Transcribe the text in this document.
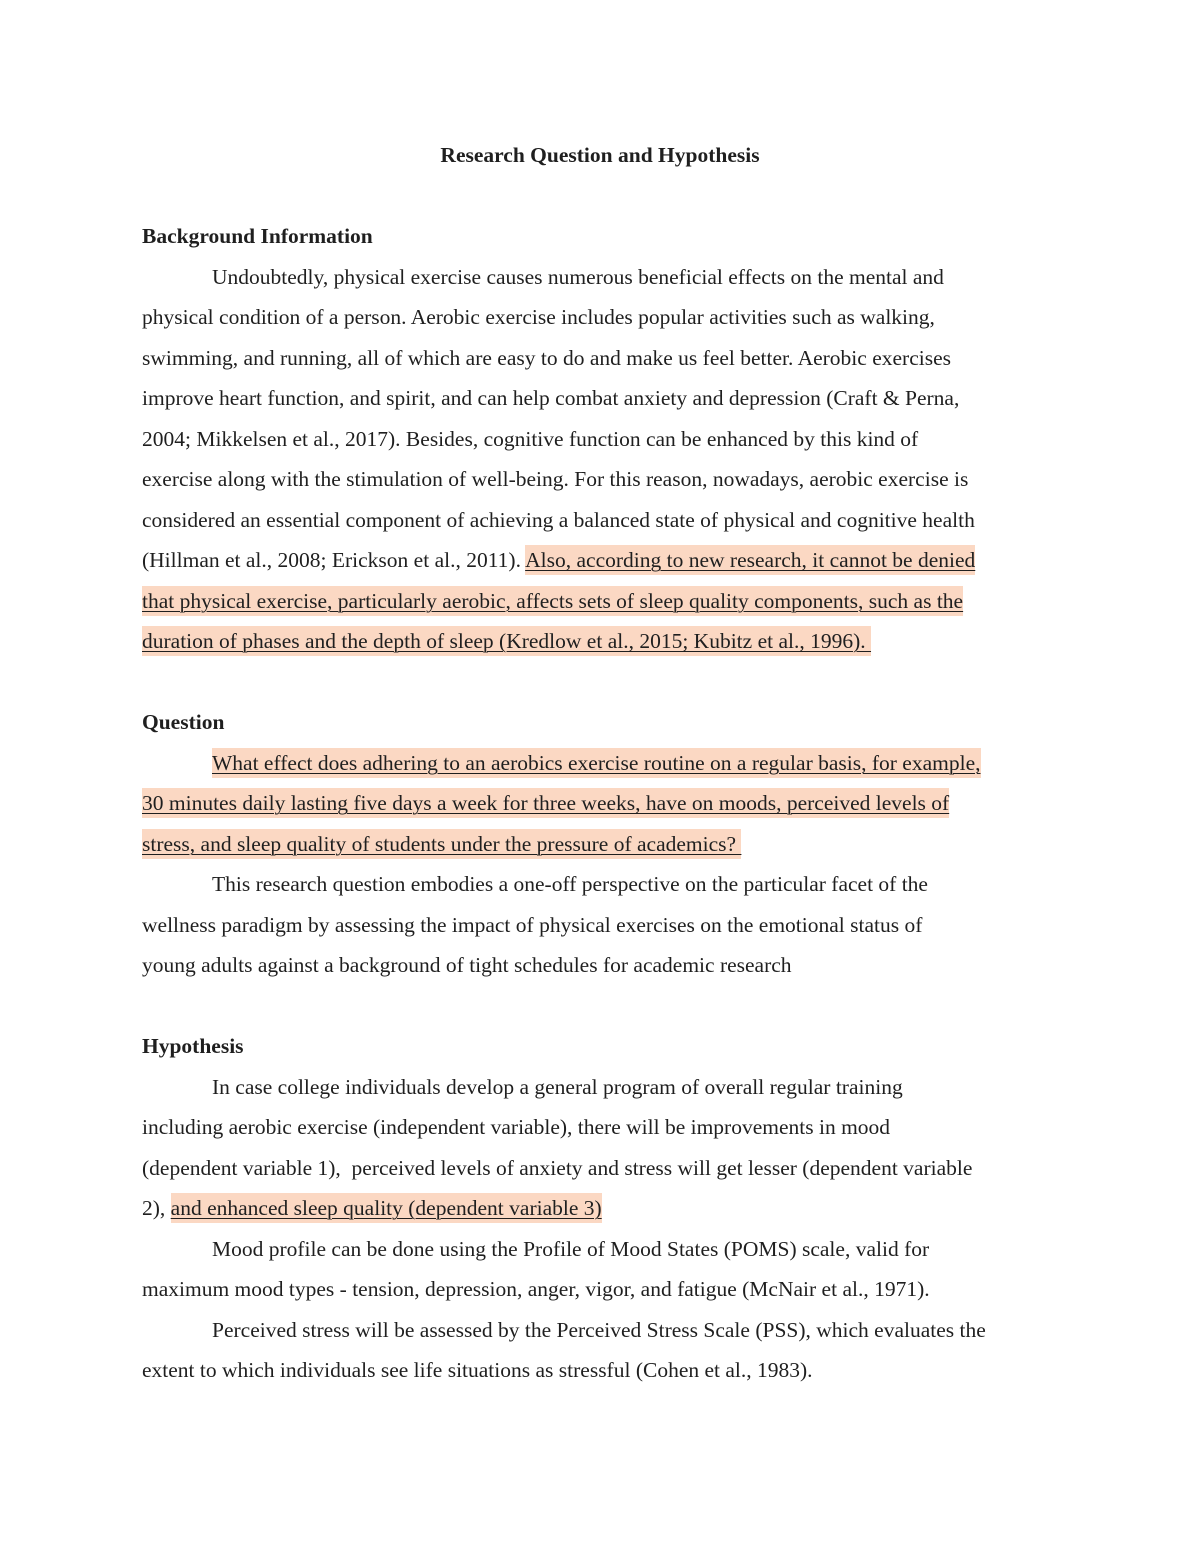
Research Question and Hypothesis
Background Information
Undoubtedly, physical exercise causes numerous beneficial effects on the mental and
physical condition of a person. Aerobic exercise includes popular activities such as walking,
swimming, and running, all of which are easy to do and make us feel better. Aerobic exercises
improve heart function, and spirit, and can help combat anxiety and depression (Craft & Perna,
2004; Mikkelsen et al., 2017). Besides, cognitive function can be enhanced by this kind of
exercise along with the stimulation of well-being. For this reason, nowadays, aerobic exercise is
considered an essential component of achieving a balanced state of physical and cognitive health
(Hillman et al., 2008; Erickson et al., 2011). Also, according to new research, it cannot be denied
that physical exercise, particularly aerobic, affects sets of sleep quality components, such as the
duration of phases and the depth of sleep (Kredlow et al., 2015; Kubitz et al., 1996).
Question
What effect does adhering to an aerobics exercise routine on a regular basis, for example,
30 minutes daily lasting five days a week for three weeks, have on moods, perceived levels of
stress, and sleep quality of students under the pressure of academics?
This research question embodies a one-off perspective on the particular facet of the
wellness paradigm by assessing the impact of physical exercises on the emotional status of
young adults against a background of tight schedules for academic research
Hypothesis
In case college individuals develop a general program of overall regular training
including aerobic exercise (independent variable), there will be improvements in mood
(dependent variable 1),  perceived levels of anxiety and stress will get lesser (dependent variable
2), and enhanced sleep quality (dependent variable 3)
Mood profile can be done using the Profile of Mood States (POMS) scale, valid for
maximum mood types - tension, depression, anger, vigor, and fatigue (McNair et al., 1971).
Perceived stress will be assessed by the Perceived Stress Scale (PSS), which evaluates the
extent to which individuals see life situations as stressful (Cohen et al., 1983).
